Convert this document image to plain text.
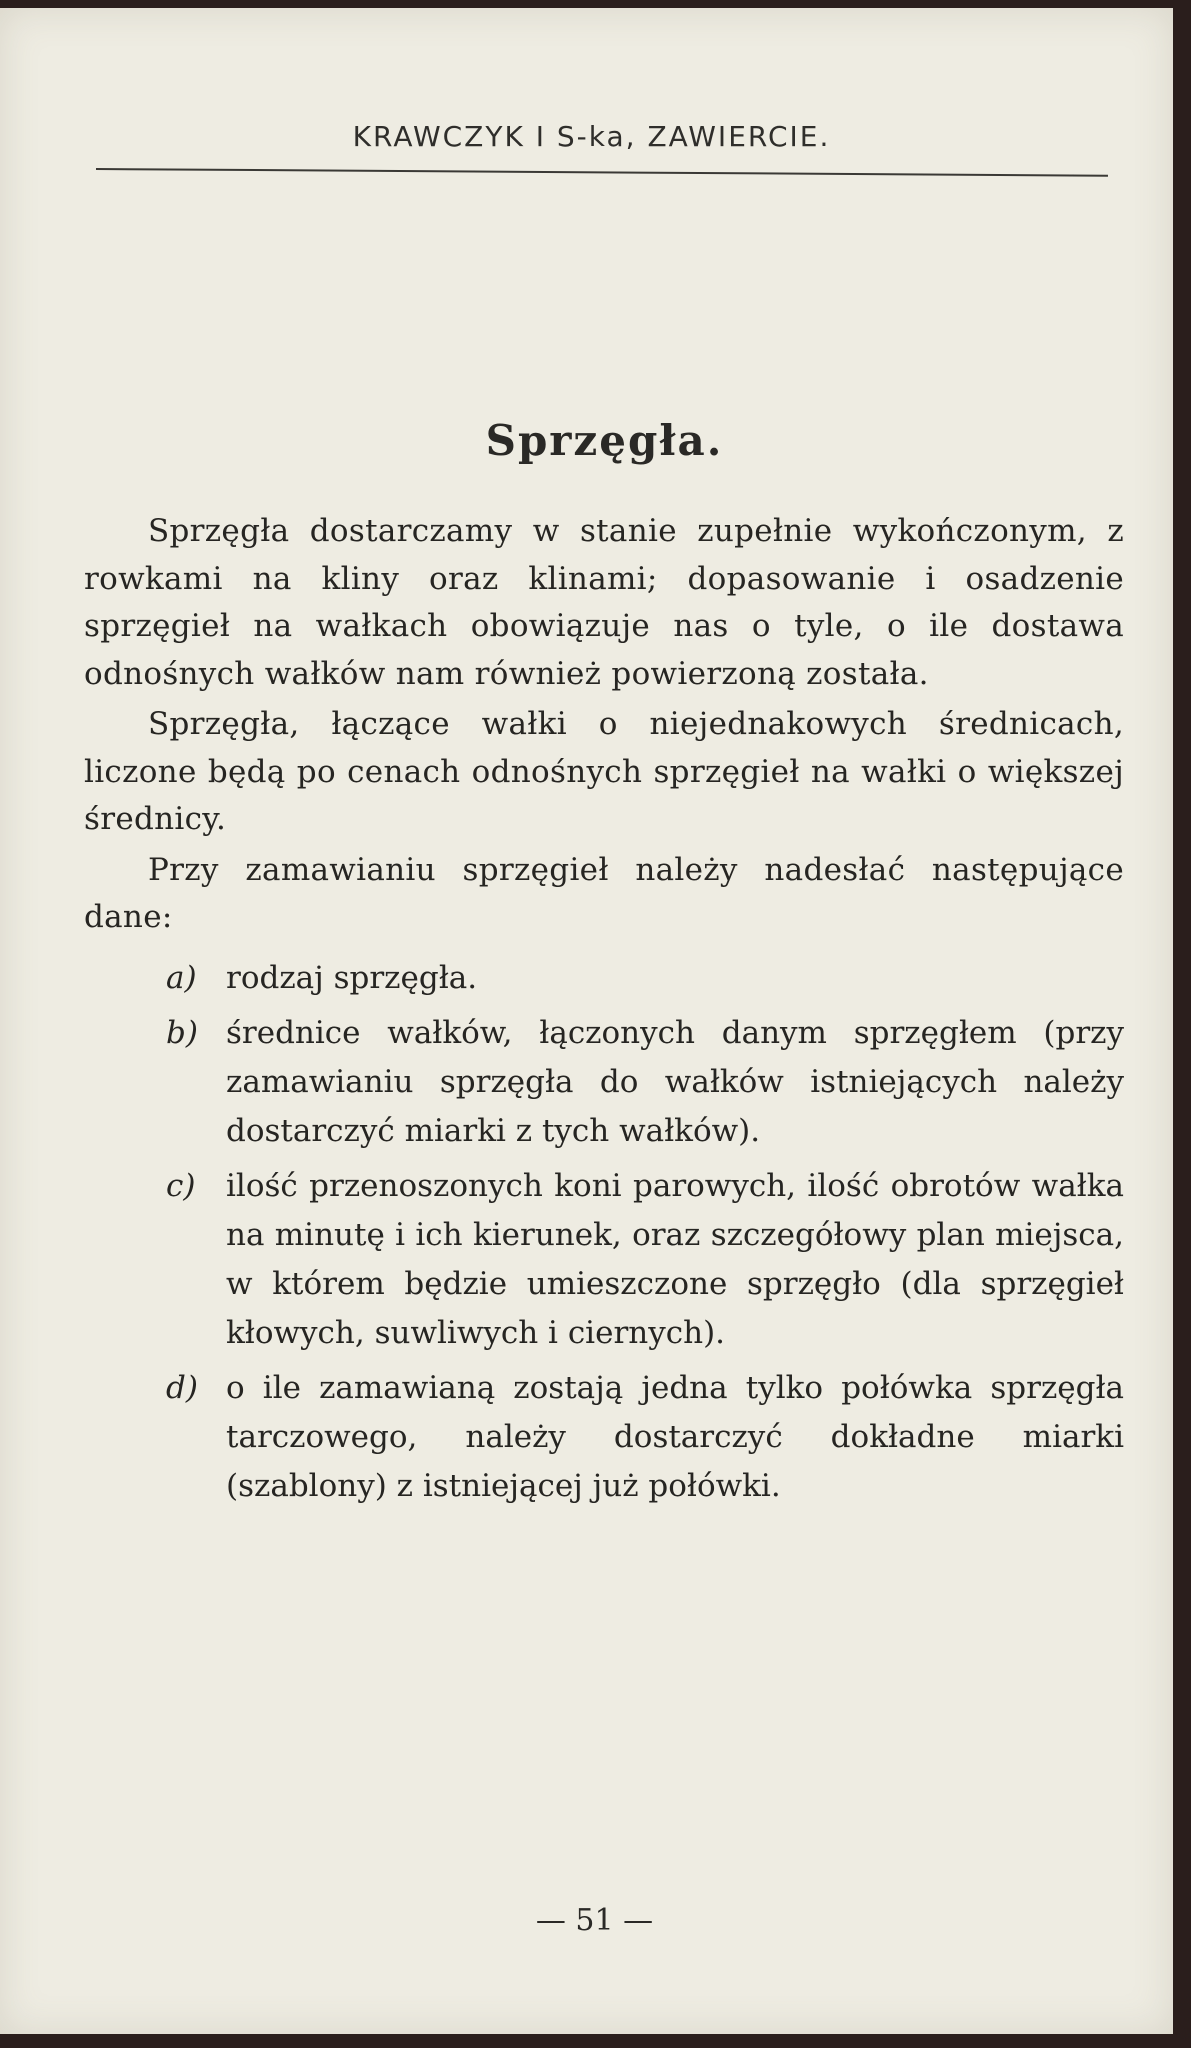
KRAWCZYK I S-ka, ZAWIERCIE.
Sprzęgła.

Sprzęgła dostarczamy w stanie zupełnie wykończonym, z rowkami na kliny oraz klinami; dopasowanie i osadzenie sprzęgieł na wałkach obowiązuje nas o tyle, o ile dostawa odnośnych wałków nam również powierzoną została.

Sprzęgła, łączące wałki o niejednakowych średnicach, liczone będą po cenach odnośnych sprzęgieł na wałki o większej średnicy.

Przy zamawianiu sprzęgieł należy nadesłać następujące dane:

a) rodzaj sprzęgła.
b) średnice wałków, łączonych danym sprzęgłem (przy zamawianiu sprzęgła do wałków istniejących należy dostarczyć miarki z tych wałków).
c) ilość przenoszonych koni parowych, ilość obrotów wałka na minutę i ich kierunek, oraz szczegółowy plan miejsca, w którem będzie umieszczone sprzęgło (dla sprzęgieł kłowych, suwliwych i ciernych).
d) o ile zamawianą zostają jedna tylko połówka sprzęgła tarczowego, należy dostarczyć dokładne miarki (szablony) z istniejącej już połówki.
— 51 —
